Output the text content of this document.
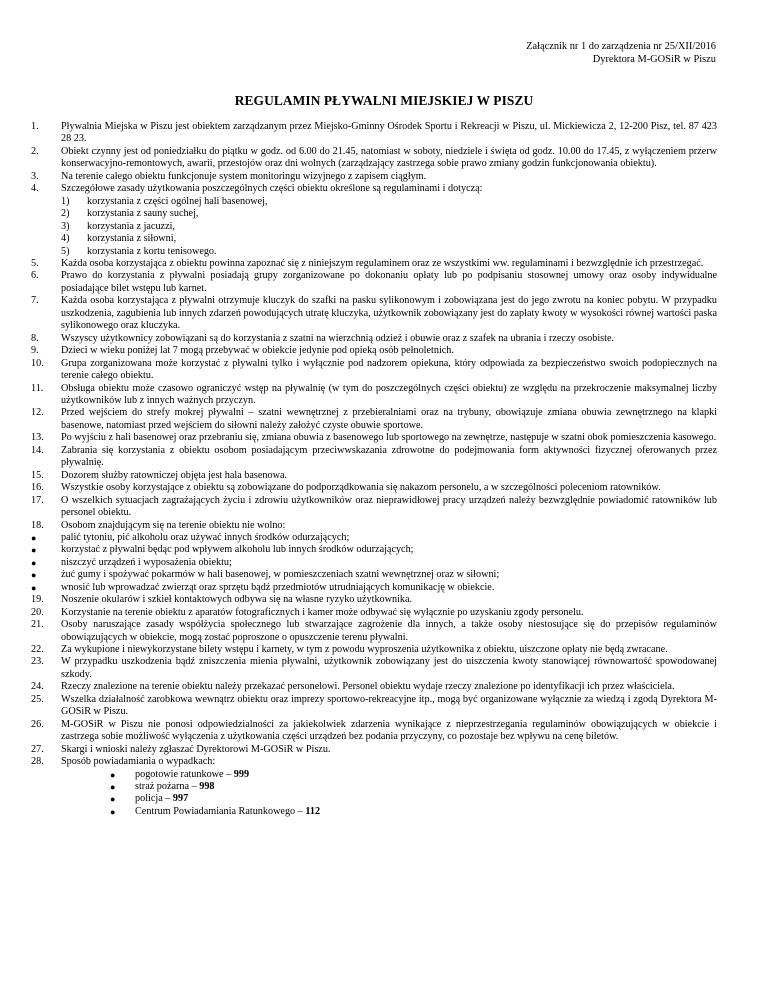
Załącznik nr 1 do zarządzenia nr 25/XII/2016
Dyrektora M-GOSiR w Piszu
REGULAMIN PŁYWALNI MIEJSKIEJ W PISZU
1.	Pływalnia Miejska w Piszu jest obiektem zarządzanym przez Miejsko-Gminny Ośrodek Sportu i Rekreacji w Piszu, ul. Mickiewicza 2, 12-200 Pisz, tel. 87 423 28 23.
2.	Obiekt czynny jest od poniedziałku do piątku w godz. od 6.00 do 21.45, natomiast w soboty, niedziele i święta od godz. 10.00 do 17.45, z wyłączeniem przerw konserwacyjno-remontowych, awarii, przestojów oraz dni wolnych (zarządzający zastrzega sobie prawo zmiany godzin funkcjonowania obiektu).
3.	Na terenie całego obiektu funkcjonuje system monitoringu wizyjnego z zapisem ciągłym.
4.	Szczegółowe zasady użytkowania poszczególnych części obiektu określone są regulaminami i dotyczą:
1)	korzystania z części ogólnej hali basenowej,
2)	korzystania z sauny suchej,
3)	korzystania z jacuzzi,
4)	korzystania z siłowni,
5)	korzystania z kortu tenisowego.
5.	Każda osoba korzystająca z obiektu powinna zapoznać się z niniejszym regulaminem oraz ze wszystkimi ww. regulaminami i bezwzględnie ich przestrzegać.
6.	Prawo do korzystania z pływalni posiadają grupy zorganizowane po dokonaniu opłaty lub po podpisaniu stosownej umowy oraz osoby indywidualne posiadające bilet wstępu lub karnet.
7.	Każda osoba korzystająca z pływalni otrzymuje kluczyk do szafki na pasku sylikonowym i zobowiązana jest do jego zwrotu na koniec pobytu. W przypadku uszkodzenia, zagubienia lub innych zdarzeń powodujących utratę kluczyka, użytkownik zobowiązany jest do zapłaty kwoty w wysokości równej wartości paska sylikonowego oraz kluczyka.
8.	Wszyscy użytkownicy zobowiązani są do korzystania z szatni na wierzchnią odzież i obuwie oraz z szafek na ubrania i rzeczy osobiste.
9.	Dzieci w wieku poniżej lat 7 mogą przebywać w obiekcie jedynie pod opieką osób pełnoletnich.
10.	Grupa zorganizowana może korzystać z pływalni tylko i wyłącznie pod nadzorem opiekuna, który odpowiada za bezpieczeństwo swoich podopiecznych na terenie całego obiektu.
11.	Obsługa obiektu może czasowo ograniczyć wstęp na pływalnię (w tym do poszczególnych części obiektu) ze względu na przekroczenie maksymalnej liczby użytkowników lub z innych ważnych przyczyn.
12.	Przed wejściem do strefy mokrej pływalni – szatni wewnętrznej z przebieralniami oraz na trybuny, obowiązuje zmiana obuwia zewnętrznego na klapki basenowe, natomiast przed wejściem do siłowni należy założyć czyste obuwie sportowe.
13.	Po wyjściu z hali basenowej oraz przebraniu się, zmiana obuwia z basenowego lub sportowego na zewnętrze, następuje w szatni obok pomieszczenia kasowego.
14.	Zabrania się korzystania z obiektu osobom posiadającym przeciwwskazania zdrowotne do podejmowania form aktywności fizycznej oferowanych przez pływalnię.
15.	Dozorem służby ratowniczej objęta jest hala basenowa.
16.	Wszystkie osoby korzystające z obiektu są zobowiązane do podporządkowania się nakazom personelu, a w szczególności poleceniom ratowników.
17.	O wszelkich sytuacjach zagrażających życiu i zdrowiu użytkowników oraz nieprawidłowej pracy urządzeń należy bezwzględnie powiadomić ratowników lub personel obiektu.
18.	Osobom znajdującym się na terenie obiektu nie wolno:
●	palić tytoniu, pić alkoholu oraz używać innych środków odurzających;
●	korzystać z pływalni będąc pod wpływem alkoholu lub innych środków odurzających;
●	niszczyć urządzeń i wyposażenia obiektu;
●	żuć gumy i spożywać pokarmów w hali basenowej, w pomieszczeniach szatni wewnętrznej oraz w siłowni;
●	wnosić lub wprowadzać zwierząt oraz sprzętu bądź przedmiotów utrudniających komunikację w obiekcie.
19.	Noszenie okularów i szkieł kontaktowych odbywa się na własne ryzyko użytkownika.
20.	Korzystanie na terenie obiektu z aparatów fotograficznych i kamer może odbywać się wyłącznie po uzyskaniu zgody personelu.
21.	Osoby naruszające zasady współżycia społecznego lub stwarzające zagrożenie dla innych, a także osoby niestosujące się do przepisów regulaminów obowiązujących w obiekcie, mogą zostać poproszone o opuszczenie terenu pływalni.
22.	Za wykupione i niewykorzystane bilety wstępu i karnety, w tym z powodu wyproszenia użytkownika z obiektu, uiszczone opłaty nie będą zwracane.
23.	W przypadku uszkodzenia bądź zniszczenia mienia pływalni, użytkownik zobowiązany jest do uiszczenia kwoty stanowiącej równowartość spowodowanej szkody.
24.	Rzeczy znalezione na terenie obiektu należy przekazać personelowi. Personel obiektu wydaje rzeczy znalezione po identyfikacji ich przez właściciela.
25.	Wszelka działalność zarobkowa wewnątrz obiektu oraz imprezy sportowo-rekreacyjne itp., mogą być organizowane wyłącznie za wiedzą i zgodą Dyrektora M-GOSiR w Piszu.
26.	M-GOSiR w Piszu nie ponosi odpowiedzialności za jakiekolwiek zdarzenia wynikające z nieprzestrzegania regulaminów obowiązujących w obiekcie i zastrzega sobie możliwość wyłączenia z użytkowania części urządzeń bez podania przyczyny, co pozostaje bez wpływu na cenę biletów.
27.	Skargi i wnioski należy zgłaszać Dyrektorowi M-GOSiR w Piszu.
28.	Sposób powiadamiania o wypadkach:
●	pogotowie ratunkowe – 999
●	straż pożarna – 998
●	policja – 997
●	Centrum Powiadamiania Ratunkowego – 112
